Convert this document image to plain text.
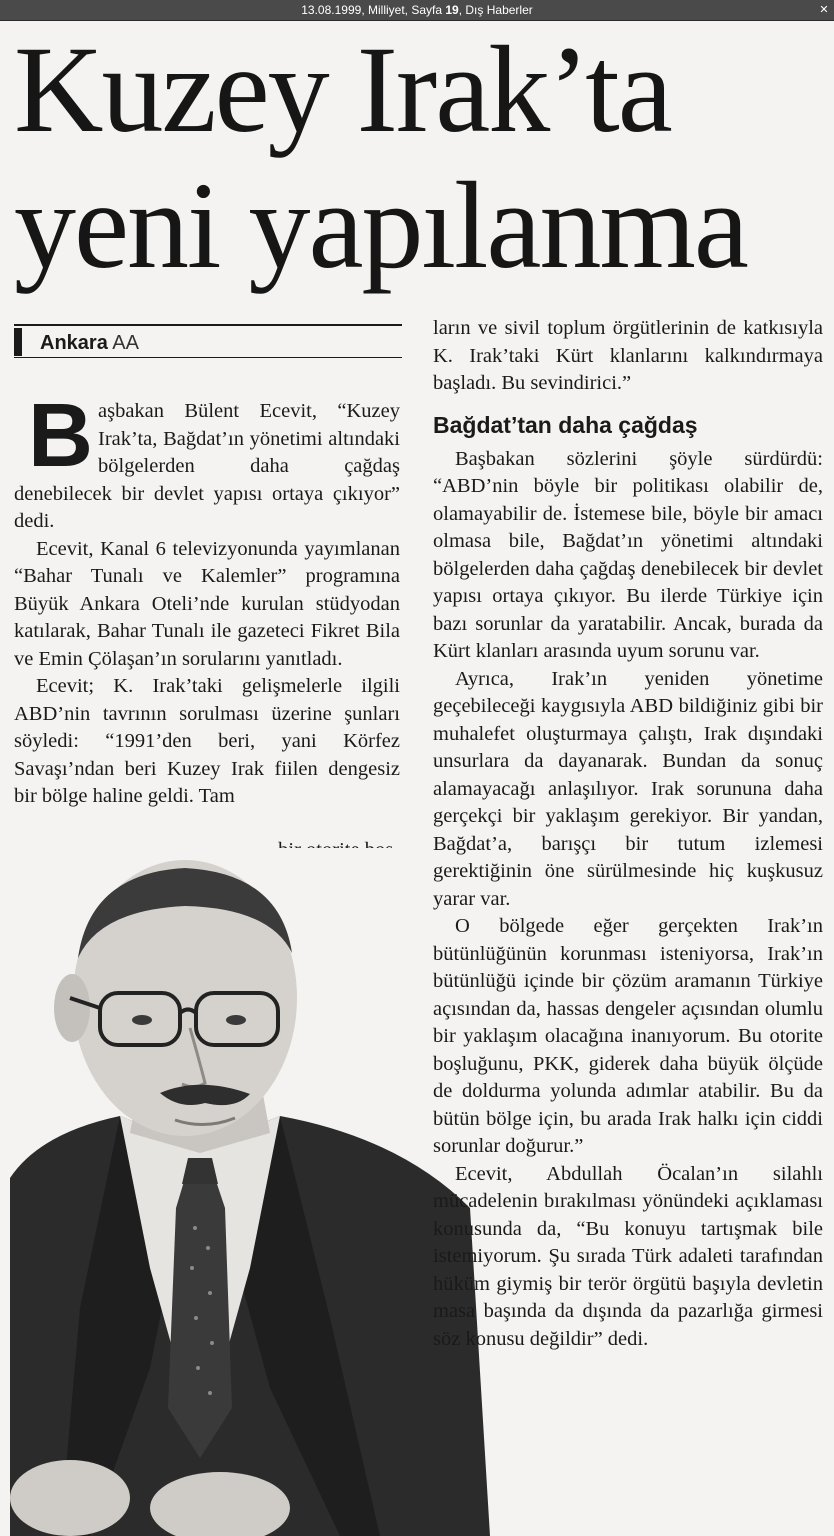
13.08.1999, Milliyet, Sayfa 19, Dış Haberler	✕
Kuzey Irak’ta
yeni yapılanma
Ankara AA

Başbakan Bülent Ecevit, “Kuzey Irak’ta, Bağdat’ın yönetimi altındaki bölgelerden daha çağdaş denebilecek bir devlet yapısı ortaya çıkıyor” dedi.

Ecevit, Kanal 6 televizyonunda yayımlanan “Bahar Tunalı ve Kalemler” programına Büyük Ankara Oteli’nde kurulan stüdyodan katılarak, Bahar Tunalı ile gazeteci Fikret Bila ve Emin Çölaşan’ın sorularını yanıtladı.

Ecevit; K. Irak’taki gelişmelerle ilgili ABD’nin tavrının sorulması üzerine şunları söyledi: “1991’den beri, yani Körfez Savaşı’ndan beri Kuzey Irak fiilen dengesiz bir bölge haline geldi. Tam

ların ve sivil toplum örgütlerinin de katkısıyla K. Irak’taki Kürt klanlarını kalkındırmaya başladı. Bu sevindirici.”

Bağdat’tan daha çağdaş

Başbakan sözlerini şöyle sürdürdü: “ABD’nin böyle bir politikası olabilir de, olamayabilir de. İstemese bile, böyle bir amacı olmasa bile, Bağdat’ın yönetimi altındaki bölgelerden daha çağdaş denebilecek bir devlet yapısı ortaya çıkıyor. Bu ilerde Türkiye için bazı sorunlar da yaratabilir. Ancak, burada da Kürt klanları arasında uyum sorunu var.

Ayrıca, Irak’ın yeniden yönetime geçebileceği kaygısıyla ABD bildiğiniz gibi bir muhalefet oluşturmaya çalıştı, Irak dışındaki unsurlara da dayanarak. Bundan da sonuç alamayacağı anlaşılıyor. Irak sorununa daha gerçekçi bir yaklaşım gerekiyor. Bir yandan, Bağdat’a, barışçı bir tutum izlemesi gerektiğinin öne sürülmesinde hiç kuşkusuz yarar var.

O bölgede eğer gerçekten Irak’ın bütünlüğünün korunması isteniyorsa, Irak’ın bütünlüğü içinde bir çözüm aramanın Türkiye açısından da, hassas dengeler açısından olumlu bir yaklaşım olacağına inanıyorum. Bu otorite boşluğunu, PKK, giderek daha büyük ölçüde de doldurma yolunda adımlar atabilir. Bu da bütün bölge için, bu arada Irak halkı için ciddi sorunlar doğurur.”

Ecevit, Abdullah Öcalan’ın silahlı mücadelenin bırakılması yönündeki açıklaması konusunda da, “Bu konuyu tartışmak bile istemiyorum. Şu sırada Türk adaleti tarafından hüküm giymiş bir terör örgütü başıyla devletin masa başında da dışında da pazarlığa girmesi söz konusu değildir” dedi.
